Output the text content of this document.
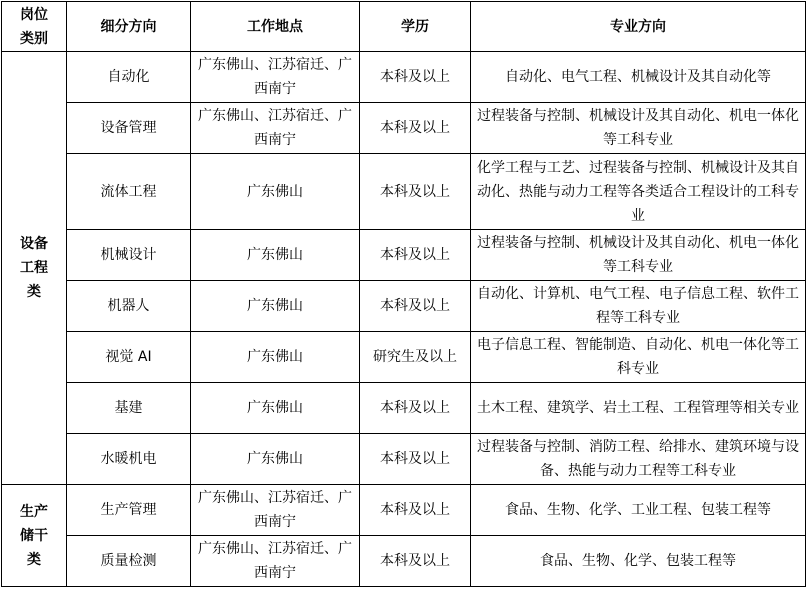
岗位类别	细分方向	工作地点	学历	专业方向
设备工程类	自动化	广东佛山、江苏宿迁、广西南宁	本科及以上	自动化、电气工程、机械设计及其自动化等
	设备管理	广东佛山、江苏宿迁、广西南宁	本科及以上	过程装备与控制、机械设计及其自动化、机电一体化等工科专业
	流体工程	广东佛山	本科及以上	化学工程与工艺、过程装备与控制、机械设计及其自动化、热能与动力工程等各类适合工程设计的工科专业
	机械设计	广东佛山	本科及以上	过程装备与控制、机械设计及其自动化、机电一体化等工科专业
	机器人	广东佛山	本科及以上	自动化、计算机、电气工程、电子信息工程、软件工程等工科专业
	视觉 AI	广东佛山	研究生及以上	电子信息工程、智能制造、自动化、机电一体化等工科专业
	基建	广东佛山	本科及以上	土木工程、建筑学、岩土工程、工程管理等相关专业
	水暖机电	广东佛山	本科及以上	过程装备与控制、消防工程、给排水、建筑环境与设备、热能与动力工程等工科专业
生产储干类	生产管理	广东佛山、江苏宿迁、广西南宁	本科及以上	食品、生物、化学、工业工程、包装工程等
	质量检测	广东佛山、江苏宿迁、广西南宁	本科及以上	食品、生物、化学、包装工程等
